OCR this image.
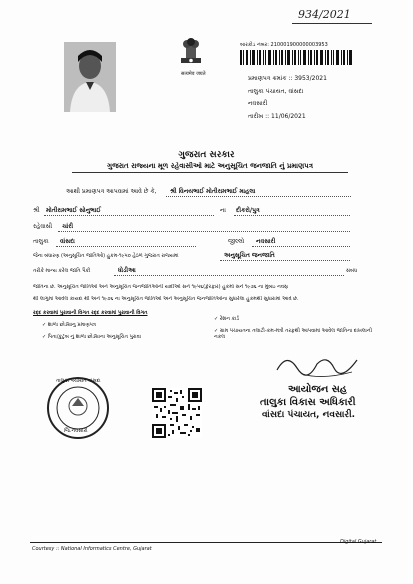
934/2021
सत्यमेव जयते
બારકોડ નંબર: 210001900000003953
પ્રમાણપત્ર ક્રમાંક :: 3953/2021
તાલુકા પંચાયત, વાંસદા
નવસારી
તારીખ :: 11/06/2021
ગુજરાત સરકાર
ગુજરાત રાજ્યના મૂળ રહેવાસીઓ માટે અનુસૂચિત જનજાતિ નું પ્રમાણપત્ર
આથી પ્રમાણપત્ર આપવામાં આવે છે કે, શ્રી વિનયભાઈ મોતીરામભાઈ માહલા
શ્રી મોતીરામભાઈ સોનુભાઈ	ના દીકરો/પુત્ર
રહેવાસી ચાંરી
તાલુકા વાંસદા	જીલ્લો નવસારી
જેના બંધારણ (અનુસૂચિત જાતિઓ) હુકમ-૧૯૫૦ હેઠળ ગુજરાત રાજ્યમાં	અનુસૂચિત જનજાતિ
તરીકે માન્ય કરેલ જાતિ પૈકી	ધોડીઆ	સંબંધ
જાતિના છે. અનુસૂચિત જાતિઓ અને અનુસૂચિત જનજાતિઓની યાદીઓ સને ૧૯૫૬(ફ઼ેરફાર) હુકમો સને ૧૯૭૬ ના મુંબઇ નવસ્ર
થી લાગુમાં આવેલ કાયદા થી અને ૧૯૭૬ ના અનુસૂચિત જાતિઓ અને અનુસૂચિત જનજાતિઓના સુધારેલા હુકમથી સુધારામાં આવે છે.
રદ્દ કરવામાં પુરાવાની વિગત રદ્દ કરવામાં પુરાવાની વિગત
✓ શાળા છોડ્યાનુ પ્રમાણપત્ર
✓ પિતા/કુટુંબ નું શાળા છોડ્યાના અનુસૂચિત પુરાવા
✓ રેશન કાર્ડ
✓ ગ્રામ પંચાયતના તલાટી-કમ-મંત્રી તરફથી આપવામાં આવેલ જાતિના દાખલાની નકલ
આયોજન સહ
તાલુકા વિકાસ અધિકારી
વાંસદા પંચાયત, નવસારી.
તાલુકા પંચાયત વાંસદા
જિ.નવસારી
Courtesy :: National Informatics Centre, Gujarat
Digital Gujarat
